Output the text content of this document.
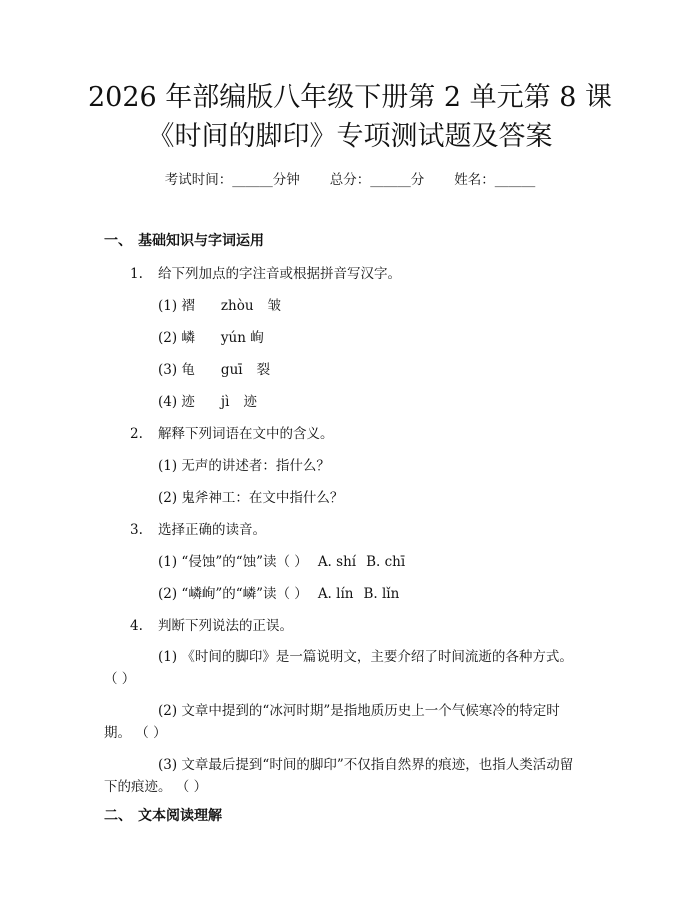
2026 年部编版八年级下册第 2 单元第 8 课
《时间的脚印》专项测试题及答案
考试时间：______分钟 总分：______分 姓名：______
一、 基础知识与字词运用
1. 给下列加点的字注音或根据拼音写汉字。
(1) 褶 zhòu 皱
(2) 嶙 yún 峋
(3) 龟 guī 裂
(4) 迹 jì 迹
2. 解释下列词语在文中的含义。
(1) 无声的讲述者：指什么？
(2) 鬼斧神工：在文中指什么？
3. 选择正确的读音。
(1) “侵蚀”的“蚀”读（ ） A. shí B. chī
(2) “嶙峋”的“嶙”读（ ） A. lín B. lǐn
4. 判断下列说法的正误。
(1) 《时间的脚印》是一篇说明文，主要介绍了时间流逝的各种方式。
（ ）
(2) 文章中提到的“冰河时期”是指地质历史上一个气候寒冷的特定时
期。 （ ）
(3) 文章最后提到“时间的脚印”不仅指自然界的痕迹，也指人类活动留
下的痕迹。 （ ）
二、 文本阅读理解
